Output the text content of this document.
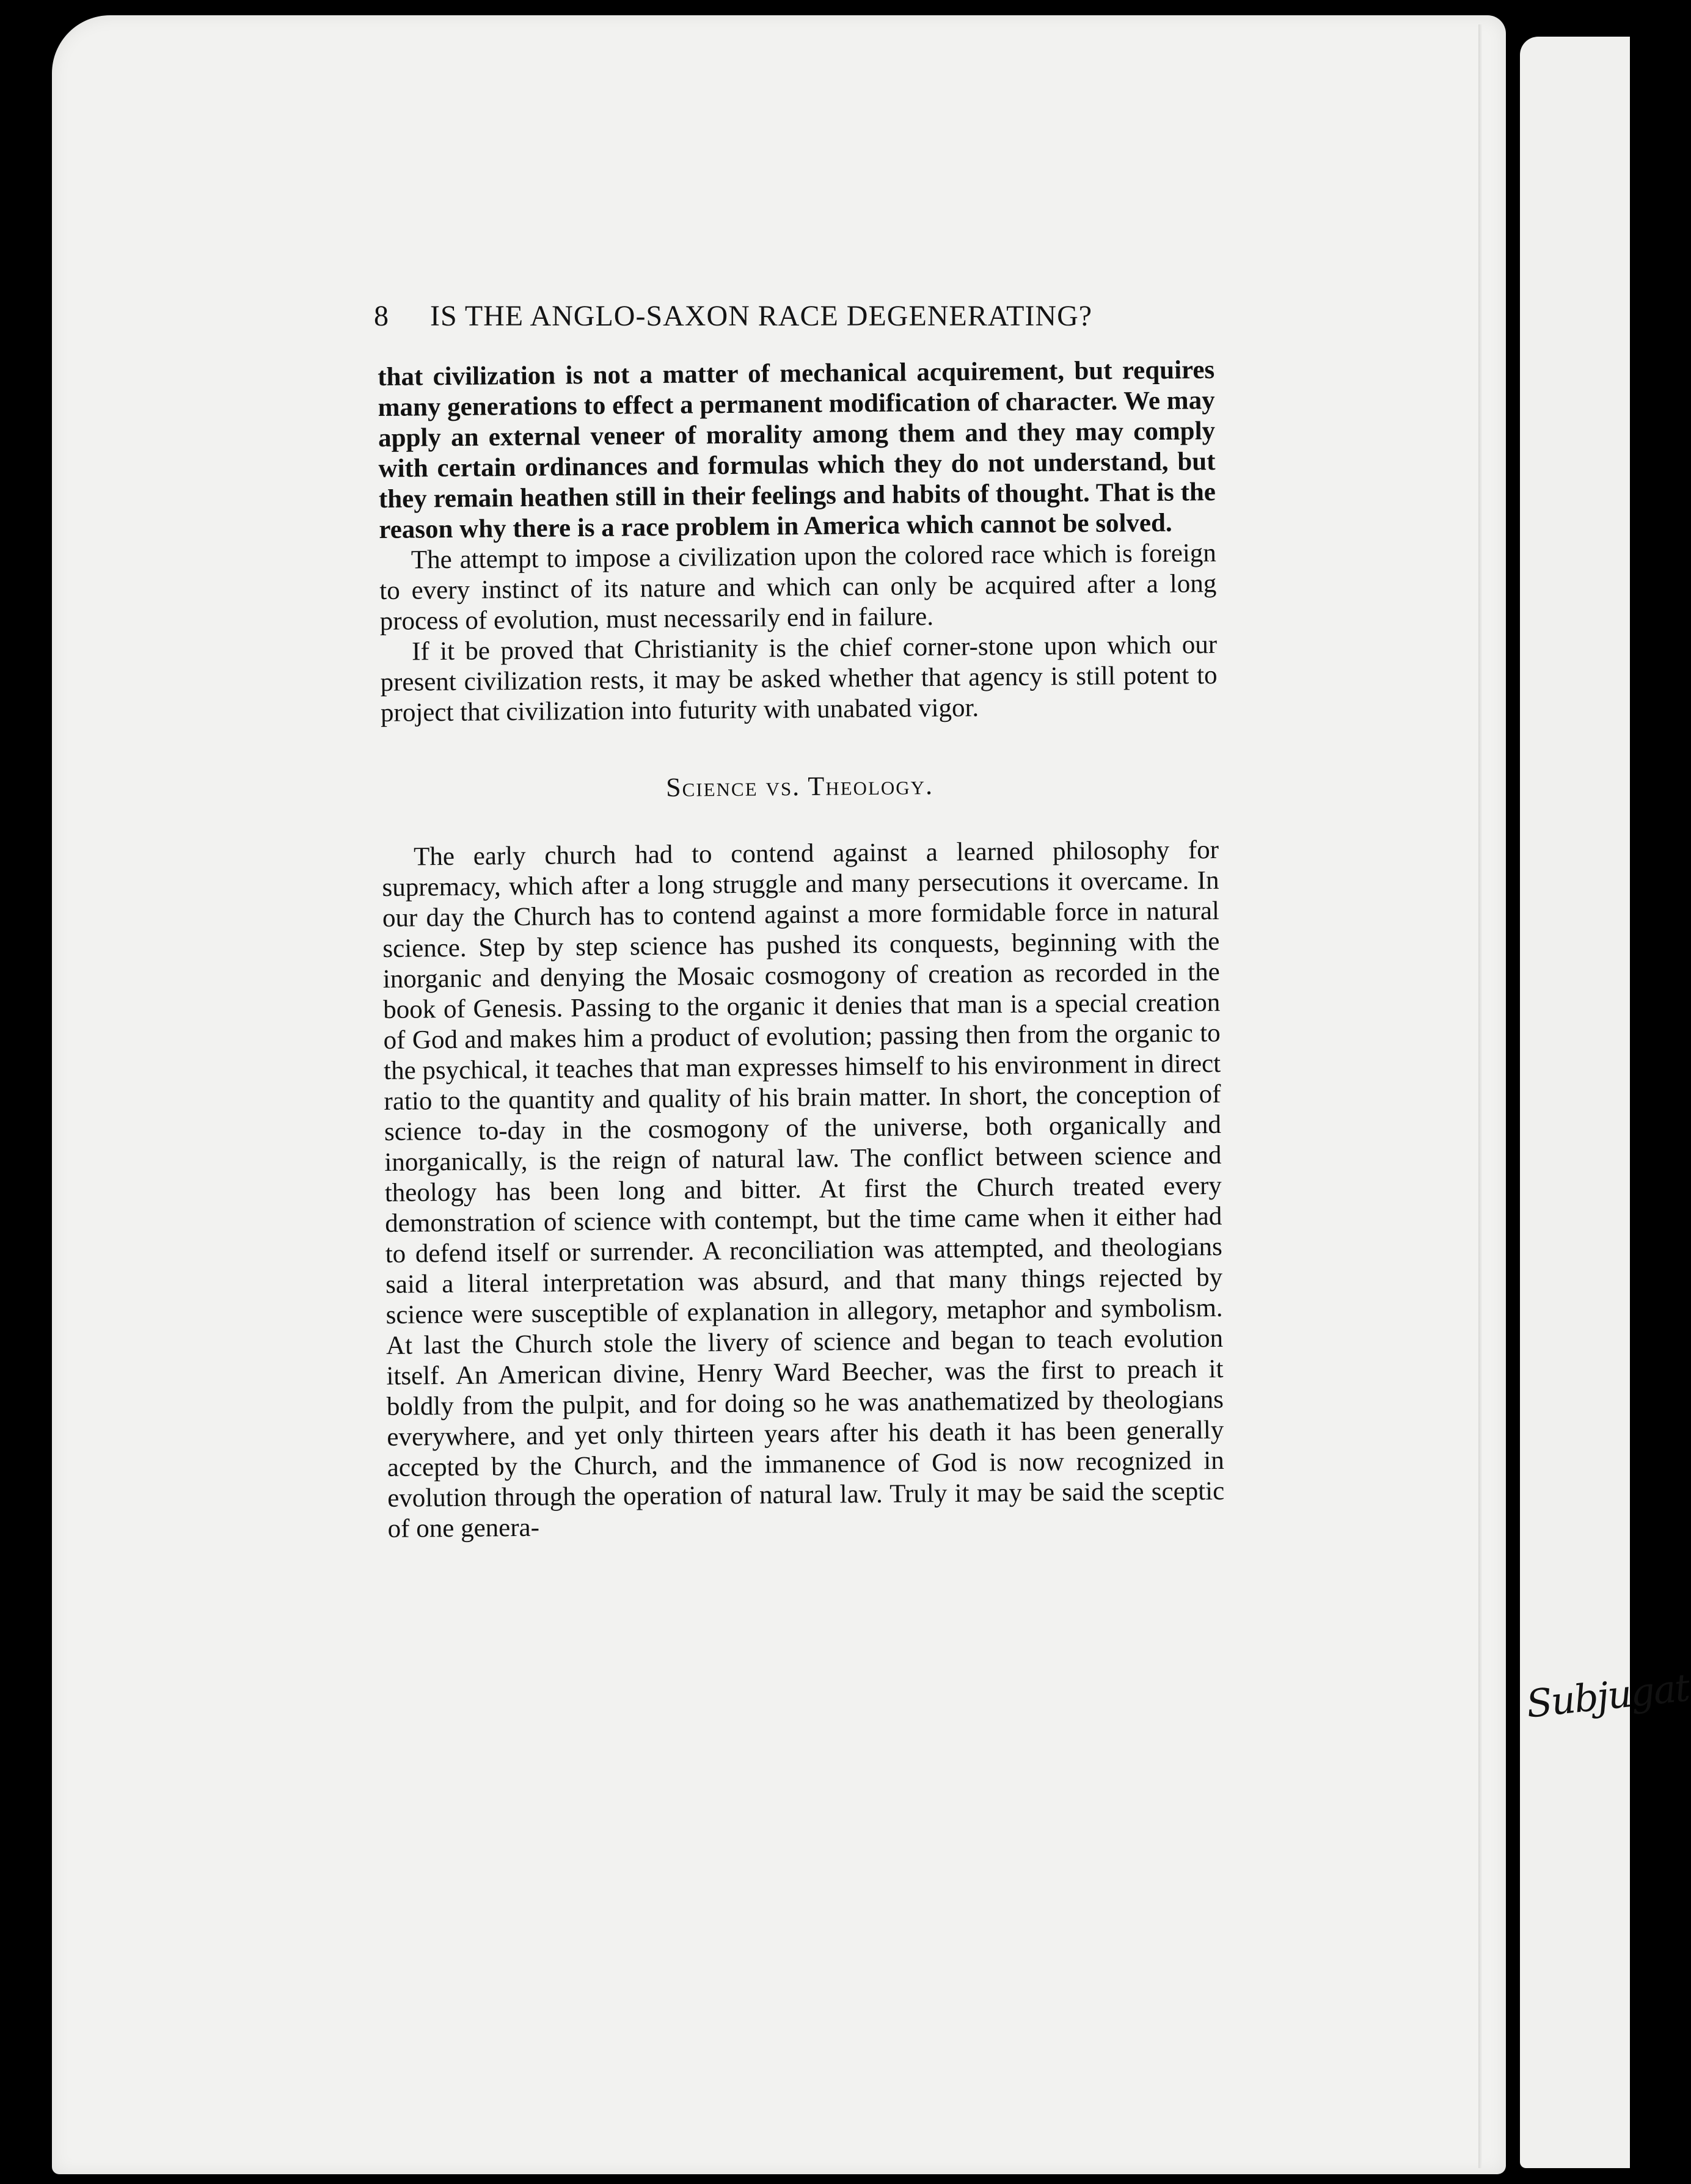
Subjugat
8 IS THE ANGLO-SAXON RACE DEGENERATING?

that civilization is not a matter of mechanical acquirement, but requires many generations to effect a permanent modification of character. We may apply an external veneer of morality among them and they may comply with certain ordinances and formulas which they do not understand, but they remain heathen still in their feelings and habits of thought. That is the reason why there is a race problem in America which cannot be solved.

The attempt to impose a civilization upon the colored race which is foreign to every instinct of its nature and which can only be acquired after a long process of evolution, must necessarily end in failure.

If it be proved that Christianity is the chief corner-stone upon which our present civilization rests, it may be asked whether that agency is still potent to project that civilization into futurity with unabated vigor.

Science vs. Theology.

The early church had to contend against a learned philosophy for supremacy, which after a long struggle and many persecutions it overcame. In our day the Church has to contend against a more formidable force in natural science. Step by step science has pushed its conquests, beginning with the inorganic and denying the Mosaic cosmogony of creation as recorded in the book of Genesis. Passing to the organic it denies that man is a special creation of God and makes him a product of evolution; passing then from the organic to the psychical, it teaches that man expresses himself to his environment in direct ratio to the quantity and quality of his brain matter. In short, the conception of science to-day in the cosmogony of the universe, both organically and inorganically, is the reign of natural law. The conflict between science and theology has been long and bitter. At first the Church treated every demonstration of science with contempt, but the time came when it either had to defend itself or surrender. A reconciliation was attempted, and theologians said a literal interpretation was absurd, and that many things rejected by science were susceptible of explanation in allegory, metaphor and symbolism. At last the Church stole the livery of science and began to teach evolution itself. An American divine, Henry Ward Beecher, was the first to preach it boldly from the pulpit, and for doing so he was anathematized by theologians everywhere, and yet only thirteen years after his death it has been generally accepted by the Church, and the immanence of God is now recognized in evolution through the operation of natural law. Truly it may be said the sceptic of one genera-
